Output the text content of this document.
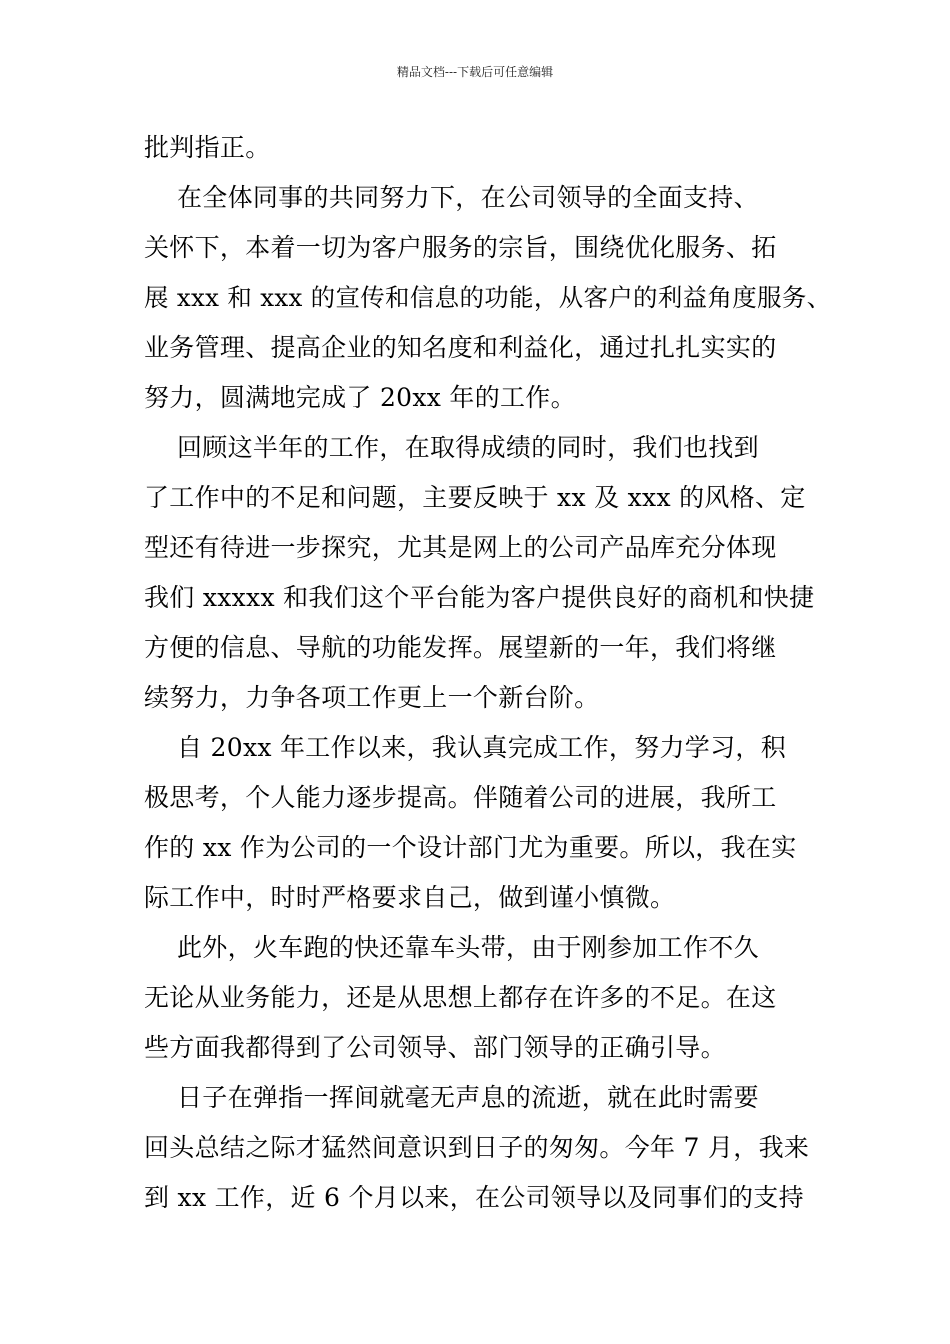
精品文档---下载后可任意编辑
批判指正。
在全体同事的共同努力下，在公司领导的全面支持、
关怀下，本着一切为客户服务的宗旨，围绕优化服务、拓
展 xxx 和 xxx 的宣传和信息的功能，从客户的利益角度服务、
业务管理、提高企业的知名度和利益化，通过扎扎实实的
努力，圆满地完成了 20xx 年的工作。
回顾这半年的工作，在取得成绩的同时，我们也找到
了工作中的不足和问题，主要反映于 xx 及 xxx 的风格、定
型还有待进一步探究，尤其是网上的公司产品库充分体现
我们 xxxxx 和我们这个平台能为客户提供良好的商机和快捷
方便的信息、导航的功能发挥。展望新的一年，我们将继
续努力，力争各项工作更上一个新台阶。
自 20xx 年工作以来，我认真完成工作，努力学习，积
极思考，个人能力逐步提高。伴随着公司的进展，我所工
作的 xx 作为公司的一个设计部门尤为重要。所以，我在实
际工作中，时时严格要求自己，做到谨小慎微。
此外，火车跑的快还靠车头带，由于刚参加工作不久
无论从业务能力，还是从思想上都存在许多的不足。在这
些方面我都得到了公司领导、部门领导的正确引导。
日子在弹指一挥间就毫无声息的流逝，就在此时需要
回头总结之际才猛然间意识到日子的匆匆。今年 7 月，我来
到 xx 工作，近 6 个月以来，在公司领导以及同事们的支持
